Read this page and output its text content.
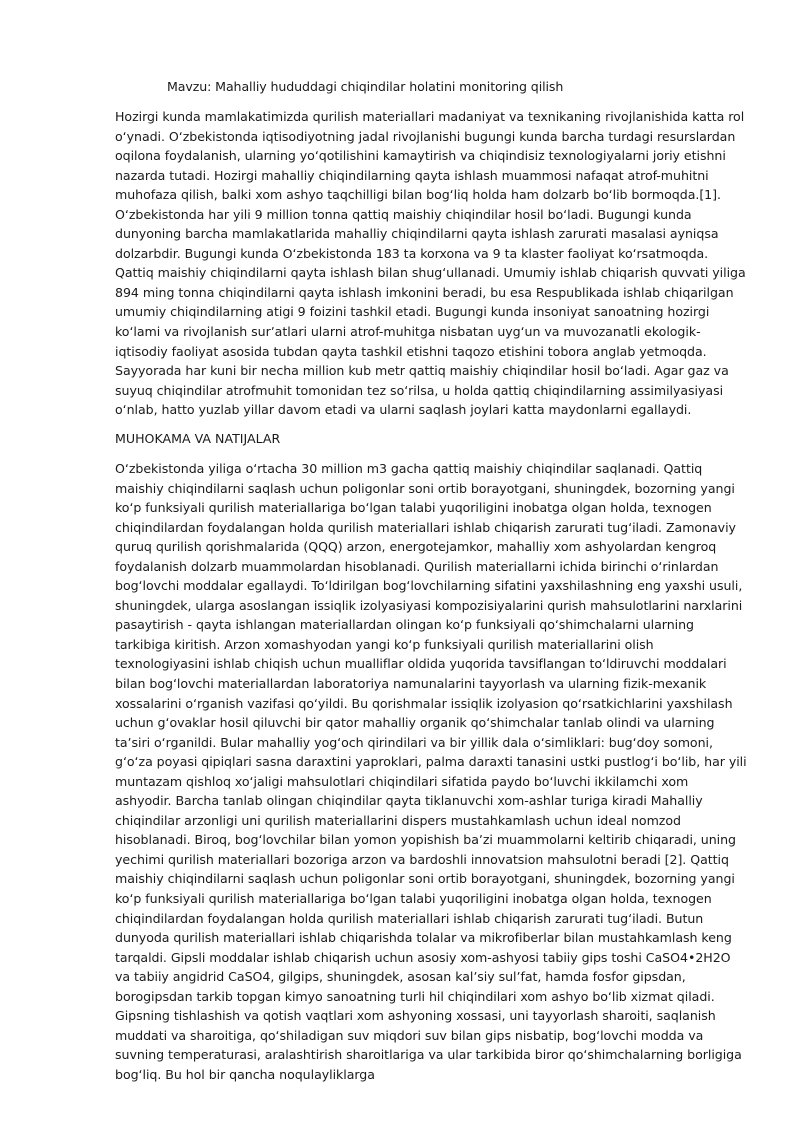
Mavzu: Mahalliy hududdagi chiqindilar holatini monitoring qilish

Hozirgi kunda mamlakatimizda qurilish materiallari madaniyat va texnikaning rivojlanishida katta rol oʻynadi. Oʻzbekistonda iqtisodiyotning jadal rivojlanishi bugungi kunda barcha turdagi resurslardan oqilona foydalanish, ularning yoʻqotilishini kamaytirish va chiqindisiz texnologiyalarni joriy etishni nazarda tutadi. Hozirgi mahalliy chiqindilarning qayta ishlash muammosi nafaqat atrof-muhitni muhofaza qilish, balki xom ashyo taqchilligi bilan bogʻliq holda ham dolzarb boʻlib bormoqda.[1]. Oʻzbekistonda har yili 9 million tonna qattiq maishiy chiqindilar hosil boʻladi. Bugungi kunda dunyoning barcha mamlakatlarida mahalliy chiqindilarni qayta ishlash zarurati masalasi ayniqsa dolzarbdir. Bugungi kunda Oʻzbekistonda 183 ta korxona va 9 ta klaster faoliyat koʻrsatmoqda. Qattiq maishiy chiqindilarni qayta ishlash bilan shugʻullanadi. Umumiy ishlab chiqarish quvvati yiliga 894 ming tonna chiqindilarni qayta ishlash imkonini beradi, bu esa Respublikada ishlab chiqarilgan umumiy chiqindilarning atigi 9 foizini tashkil etadi. Bugungi kunda insoniyat sanoatning hozirgi koʻlami va rivojlanish surʼatlari ularni atrof-muhitga nisbatan uygʻun va muvozanatli ekologik-iqtisodiy faoliyat asosida tubdan qayta tashkil etishni taqozo etishini tobora anglab yetmoqda. Sayyorada har kuni bir necha million kub metr qattiq maishiy chiqindilar hosil boʻladi. Agar gaz va suyuq chiqindilar atrofmuhit tomonidan tez soʻrilsa, u holda qattiq chiqindilarning assimilyasiyasi oʻnlab, hatto yuzlab yillar davom etadi va ularni saqlash joylari katta maydonlarni egallaydi.

MUHOKAMA VA NATIJALAR

Oʻzbekistonda yiliga oʻrtacha 30 million m3 gacha qattiq maishiy chiqindilar saqlanadi. Qattiq maishiy chiqindilarni saqlash uchun poligonlar soni ortib borayotgani, shuningdek, bozorning yangi koʻp funksiyali qurilish materiallariga boʻlgan talabi yuqoriligini inobatga olgan holda, texnogen chiqindilardan foydalangan holda qurilish materiallari ishlab chiqarish zarurati tugʻiladi. Zamonaviy quruq qurilish qorishmalarida (QQQ) arzon, energotejamkor, mahalliy xom ashyolardan kengroq foydalanish dolzarb muammolardan hisoblanadi. Qurilish materiallarni ichida birinchi oʻrinlardan bogʻlovchi moddalar egallaydi. Toʻldirilgan bogʻlovchilarning sifatini yaxshilashning eng yaxshi usuli, shuningdek, ularga asoslangan issiqlik izolyasiyasi kompozisiyalarini qurish mahsulotlarini narxlarini pasaytirish - qayta ishlangan materiallardan olingan koʻp funksiyali qoʻshimchalarni ularning tarkibiga kiritish. Arzon xomashyodan yangi koʻp funksiyali qurilish materiallarini olish texnologiyasini ishlab chiqish uchun mualliflar oldida yuqorida tavsiflangan toʻldiruvchi moddalari bilan bogʻlovchi materiallardan laboratoriya namunalarini tayyorlash va ularning fizik-mexanik xossalarini oʻrganish vazifasi qoʻyildi. Bu qorishmalar issiqlik izolyasion qoʻrsatkichlarini yaxshilash uchun gʻovaklar hosil qiluvchi bir qator mahalliy organik qoʻshimchalar tanlab olindi va ularning taʼsiri oʻrganildi. Bular mahalliy yogʻoch qirindilari va bir yillik dala oʻsimliklari: bugʻdoy somoni, gʻoʻza poyasi qipiqlari sasna daraxtini yaproklari, palma daraxti tanasini ustki pustlogʻi boʻlib, har yili muntazam qishloq xoʻjaligi mahsulotlari chiqindilari sifatida paydo boʻluvchi ikkilamchi xom ashyodir. Barcha tanlab olingan chiqindilar qayta tiklanuvchi xom-ashlar turiga kiradi Mahalliy chiqindilar arzonligi uni qurilish materiallarini dispers mustahkamlash uchun ideal nomzod hisoblanadi. Biroq, bogʻlovchilar bilan yomon yopishish baʼzi muammolarni keltirib chiqaradi, uning yechimi qurilish materiallari bozoriga arzon va bardoshli innovatsion mahsulotni beradi [2]. Qattiq maishiy chiqindilarni saqlash uchun poligonlar soni ortib borayotgani, shuningdek, bozorning yangi koʻp funksiyali qurilish materiallariga boʻlgan talabi yuqoriligini inobatga olgan holda, texnogen chiqindilardan foydalangan holda qurilish materiallari ishlab chiqarish zarurati tugʻiladi. Butun dunyoda qurilish materiallari ishlab chiqarishda tolalar va mikrofiberlar bilan mustahkamlash keng tarqaldi. Gipsli moddalar ishlab chiqarish uchun asosiy xom-ashyosi tabiiy gips toshi CaSO4•2H2O va tabiiy angidrid CaSO4, gilgips, shuningdek, asosan kalʼsiy sulʼfat, hamda fosfor gipsdan, borogipsdan tarkib topgan kimyo sanoatning turli hil chiqindilari xom ashyo boʻlib xizmat qiladi. Gipsning tishlashish va qotish vaqtlari xom ashyoning xossasi, uni tayyorlash sharoiti, saqlanish muddati va sharoitiga, qoʻshiladigan suv miqdori suv bilan gips nisbatip, bogʻlovchi modda va suvning temperaturasi, aralashtirish sharoitlariga va ular tarkibida biror qoʻshimchalarning borligiga bogʻliq. Bu hol bir qancha noqulayliklarga
